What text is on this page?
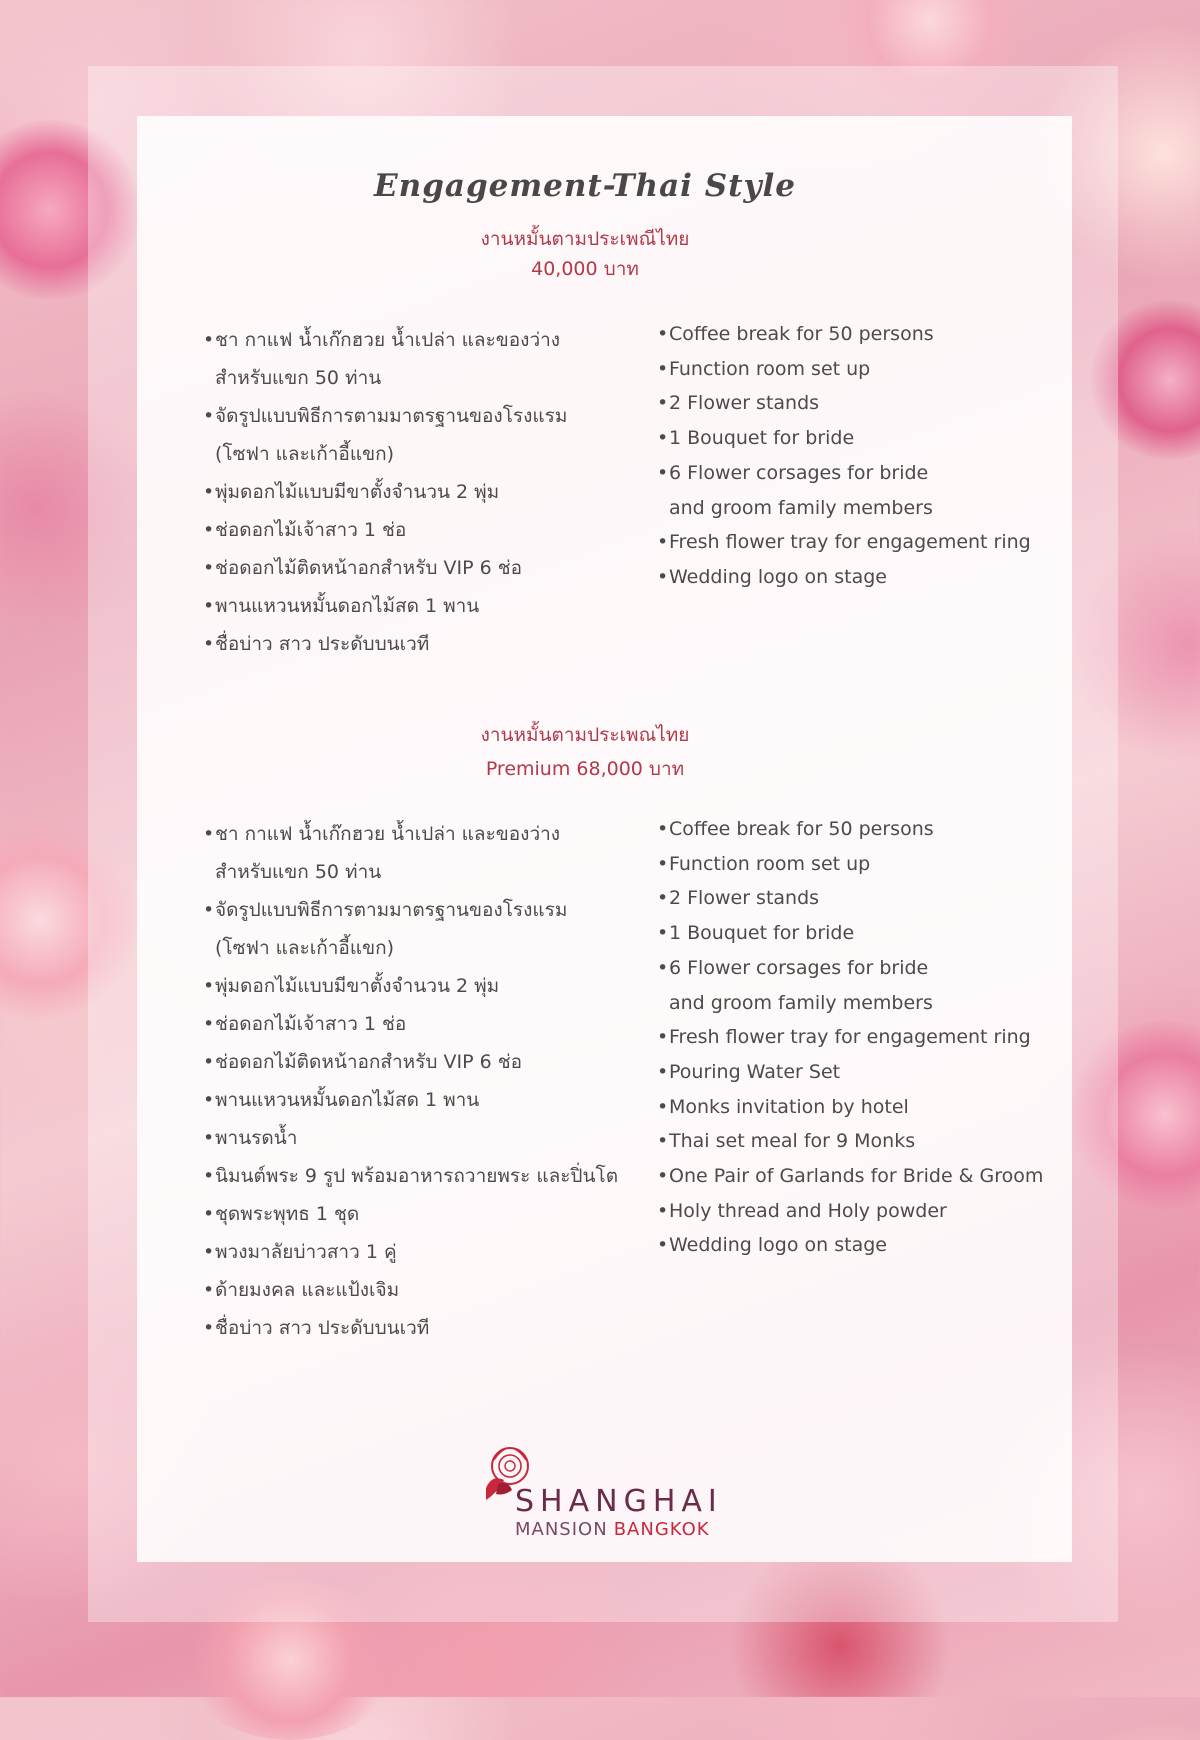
Engagement-Thai Style

งานหมั้นตามประเพณีไทย

40,000 บาท

• ชา กาแฟ น้ำเก๊กฮวย น้ำเปล่า และของว่าง
สำหรับแขก 50 ท่าน
• จัดรูปแบบพิธีการตามมาตรฐานของโรงแรม
(โซฟา และเก้าอี้แขก)
• พุ่มดอกไม้แบบมีขาตั้งจำนวน 2 พุ่ม
• ช่อดอกไม้เจ้าสาว 1 ช่อ
• ช่อดอกไม้ติดหน้าอกสำหรับ VIP 6 ช่อ
• พานแหวนหมั้นดอกไม้สด 1 พาน
• ชื่อบ่าว สาว ประดับบนเวที
• Coffee break for 50 persons
• Function room set up
• 2 Flower stands
• 1 Bouquet for bride
• 6 Flower corsages for bride
and groom family members
• Fresh flower tray for engagement ring
• Wedding logo on stage

งานหมั้นตามประเพณไทย

Premium 68,000 บาท

• ชา กาแฟ น้ำเก๊กฮวย น้ำเปล่า และของว่าง
สำหรับแขก 50 ท่าน
• จัดรูปแบบพิธีการตามมาตรฐานของโรงแรม
(โซฟา และเก้าอี้แขก)
• พุ่มดอกไม้แบบมีขาตั้งจำนวน 2 พุ่ม
• ช่อดอกไม้เจ้าสาว 1 ช่อ
• ช่อดอกไม้ติดหน้าอกสำหรับ VIP 6 ช่อ
• พานแหวนหมั้นดอกไม้สด 1 พาน
• พานรดน้ำ
• นิมนต์พระ 9 รูป พร้อมอาหารถวายพระ และปิ่นโต
• ชุดพระพุทธ 1 ชุด
• พวงมาลัยบ่าวสาว 1 คู่
• ด้ายมงคล และแป้งเจิม
• ชื่อบ่าว สาว ประดับบนเวที
• Coffee break for 50 persons
• Function room set up
• 2 Flower stands
• 1 Bouquet for bride
• 6 Flower corsages for bride
and groom family members
• Fresh flower tray for engagement ring
• Pouring Water Set
• Monks invitation by hotel
• Thai set meal for 9 Monks
• One Pair of Garlands for Bride & Groom
• Holy thread and Holy powder
• Wedding logo on stage

SHANGHAI

MANSION BANGKOK
